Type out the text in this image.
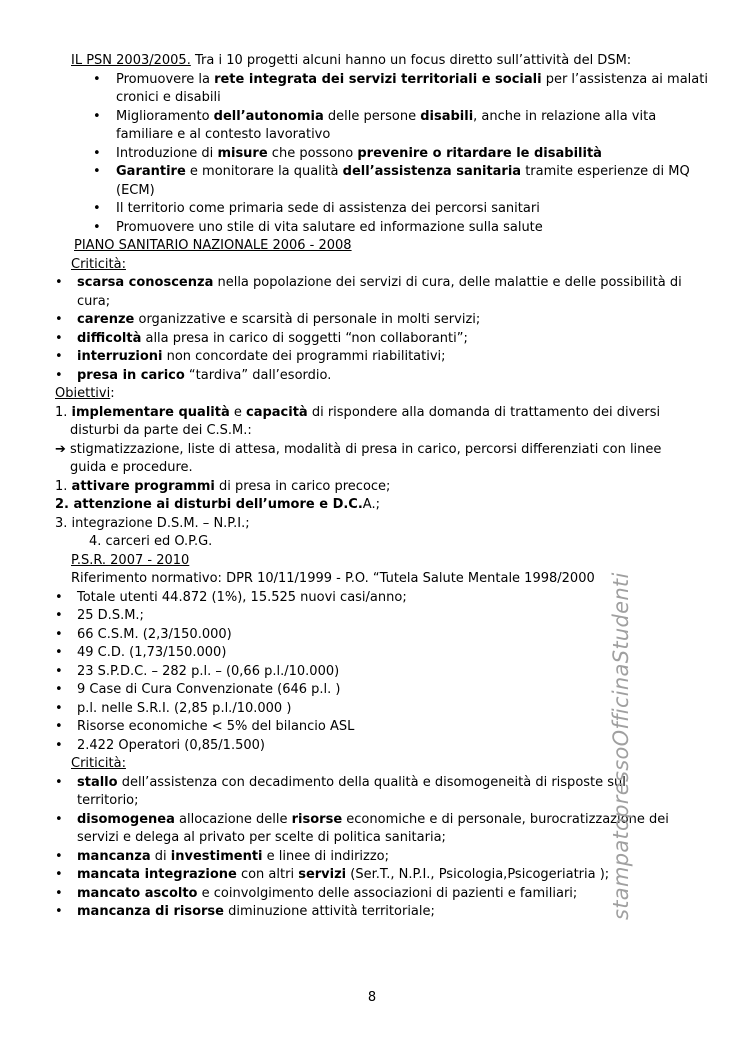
IL PSN 2003/2005. Tra i 10 progetti alcuni hanno un focus diretto sull’attività del DSM:

• Promuovere la rete integrata dei servizi territoriali e sociali per l’assistenza ai malati
cronici e disabili
• Miglioramento dell’autonomia delle persone disabili, anche in relazione alla vita
familiare e al contesto lavorativo
• Introduzione di misure che possono prevenire o ritardare le disabilità
• Garantire e monitorare la qualità dell’assistenza sanitaria tramite esperienze di MQ
(ECM)
• Il territorio come primaria sede di assistenza dei percorsi sanitari
• Promuovere uno stile di vita salutare ed informazione sulla salute

PIANO SANITARIO NAZIONALE 2006 - 2008

Criticità:

• scarsa conoscenza nella popolazione dei servizi di cura, delle malattie e delle possibilità di
cura;
• carenze organizzative e scarsità di personale in molti servizi;
• difficoltà alla presa in carico di soggetti “non collaboranti”;
• interruzioni non concordate dei programmi riabilitativi;
• presa in carico “tardiva” dall’esordio.

Obiettivi:

1. implementare qualità e capacità di rispondere alla domanda di trattamento dei diversi
disturbi da parte dei C.S.M.:
➔ stigmatizzazione, liste di attesa, modalità di presa in carico, percorsi differenziati con linee
guida e procedure.
1. attivare programmi di presa in carico precoce;
2. attenzione ai disturbi dell’umore e D.C.A.;
3. integrazione D.S.M. – N.P.I.;
4. carceri ed O.P.G.

P.S.R. 2007 - 2010

Riferimento normativo: DPR 10/11/1999 - P.O. “Tutela Salute Mentale 1998/2000

• Totale utenti 44.872 (1%), 15.525 nuovi casi/anno;
• 25 D.S.M.;
• 66 C.S.M. (2,3/150.000)
• 49 C.D. (1,73/150.000)
• 23 S.P.D.C. – 282 p.l. – (0,66 p.l./10.000)
• 9 Case di Cura Convenzionate (646 p.l. )
• p.l. nelle S.R.I. (2,85 p.l./10.000 )
• Risorse economiche < 5% del bilancio ASL
• 2.422 Operatori (0,85/1.500)

Criticità:

• stallo dell’assistenza con decadimento della qualità e disomogeneità di risposte sul
territorio;
• disomogenea allocazione delle risorse economiche e di personale, burocratizzazione dei
servizi e delega al privato per scelte di politica sanitaria;
• mancanza di investimenti e linee di indirizzo;
• mancata integrazione con altri servizi (Ser.T., N.P.I., Psicologia,Psicogeriatria );
• mancato ascolto e coinvolgimento delle associazioni di pazienti e familiari;
• mancanza di risorse diminuzione attività territoriale;	stampatopressoOfficinaStudenti
8
